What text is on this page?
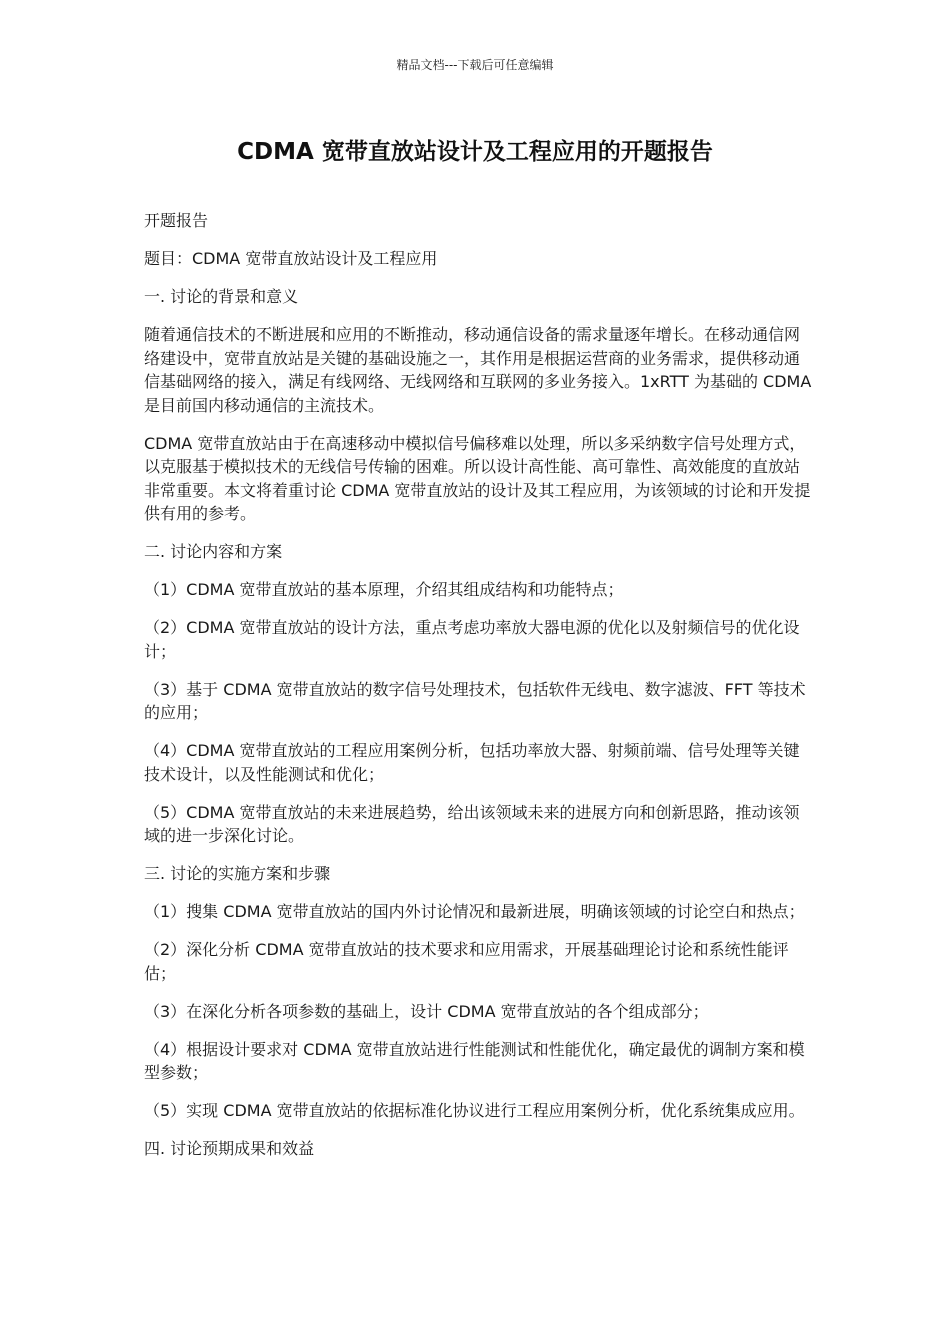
精品文档---下载后可任意编辑
CDMA 宽带直放站设计及工程应用的开题报告

开题报告

题目：CDMA 宽带直放站设计及工程应用

一. 讨论的背景和意义

随着通信技术的不断进展和应用的不断推动，移动通信设备的需求量逐年增长。在移动通信网络建设中，宽带直放站是关键的基础设施之一，其作用是根据运营商的业务需求，提供移动通信基础网络的接入，满足有线网络、无线网络和互联网的多业务接入。1xRTT 为基础的 CDMA 是目前国内移动通信的主流技术。

CDMA 宽带直放站由于在高速移动中模拟信号偏移难以处理，所以多采纳数字信号处理方式，以克服基于模拟技术的无线信号传输的困难。所以设计高性能、高可靠性、高效能度的直放站非常重要。本文将着重讨论 CDMA 宽带直放站的设计及其工程应用，为该领域的讨论和开发提供有用的参考。

二. 讨论内容和方案

（1）CDMA 宽带直放站的基本原理，介绍其组成结构和功能特点；

（2）CDMA 宽带直放站的设计方法，重点考虑功率放大器电源的优化以及射频信号的优化设计；

（3）基于 CDMA 宽带直放站的数字信号处理技术，包括软件无线电、数字滤波、FFT 等技术的应用；

（4）CDMA 宽带直放站的工程应用案例分析，包括功率放大器、射频前端、信号处理等关键技术设计，以及性能测试和优化；

（5）CDMA 宽带直放站的未来进展趋势，给出该领域未来的进展方向和创新思路，推动该领域的进一步深化讨论。

三. 讨论的实施方案和步骤

（1）搜集 CDMA 宽带直放站的国内外讨论情况和最新进展，明确该领域的讨论空白和热点；

（2）深化分析 CDMA 宽带直放站的技术要求和应用需求，开展基础理论讨论和系统性能评估；

（3）在深化分析各项参数的基础上，设计 CDMA 宽带直放站的各个组成部分；

（4）根据设计要求对 CDMA 宽带直放站进行性能测试和性能优化，确定最优的调制方案和模型参数；

（5）实现 CDMA 宽带直放站的依据标准化协议进行工程应用案例分析，优化系统集成应用。

四. 讨论预期成果和效益
